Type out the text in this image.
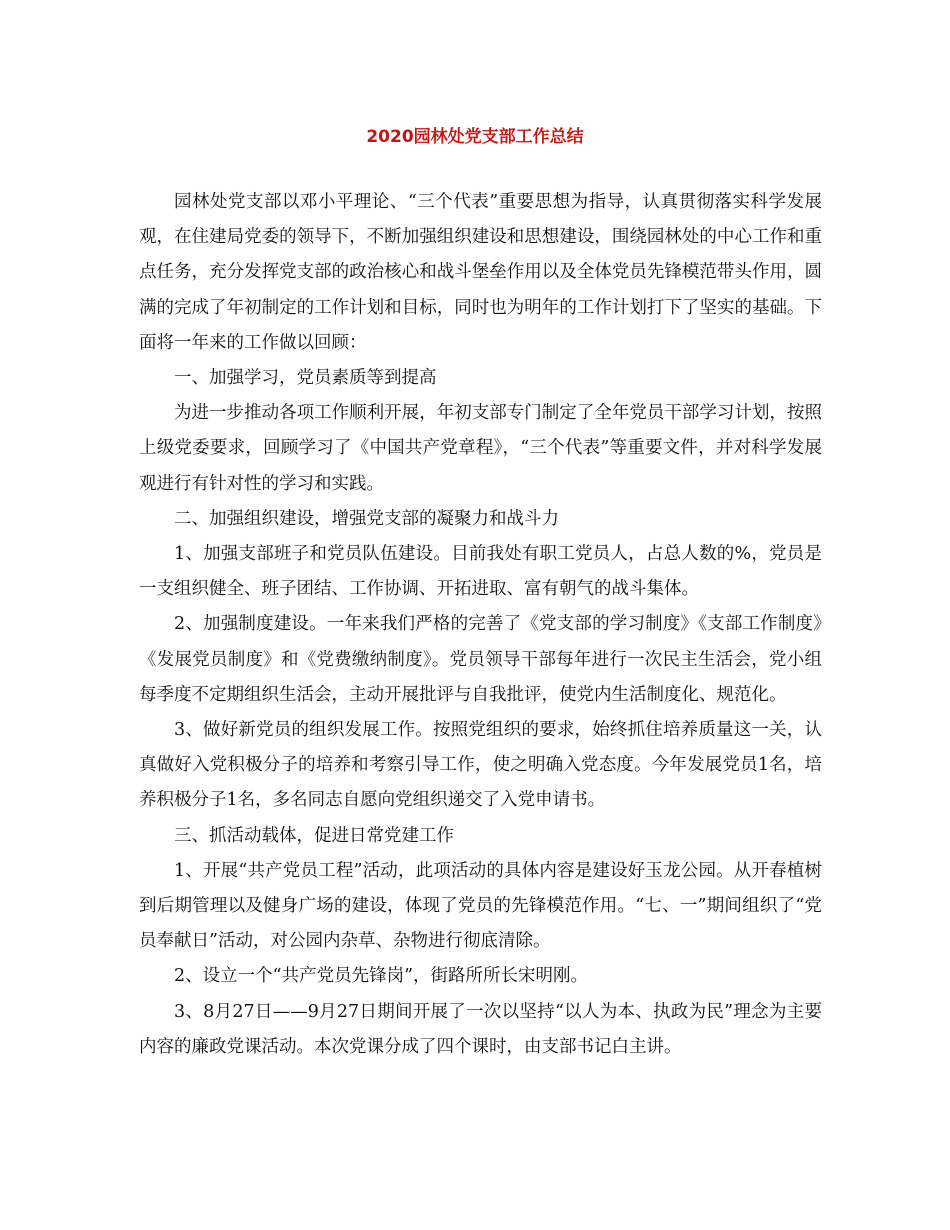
2020园林处党支部工作总结

园林处党支部以邓小平理论、“三个代表”重要思想为指导，认真贯彻落实科学发展观，在住建局党委的领导下，不断加强组织建设和思想建设，围绕园林处的中心工作和重点任务，充分发挥党支部的政治核心和战斗堡垒作用以及全体党员先锋模范带头作用，圆满的完成了年初制定的工作计划和目标，同时也为明年的工作计划打下了坚实的基础。下面将一年来的工作做以回顾：

一、加强学习，党员素质等到提高

为进一步推动各项工作顺利开展，年初支部专门制定了全年党员干部学习计划，按照上级党委要求，回顾学习了《中国共产党章程》，“三个代表”等重要文件，并对科学发展观进行有针对性的学习和实践。

二、加强组织建设，增强党支部的凝聚力和战斗力

1、加强支部班子和党员队伍建设。目前我处有职工党员人，占总人数的%，党员是一支组织健全、班子团结、工作协调、开拓进取、富有朝气的战斗集体。

2、加强制度建设。一年来我们严格的完善了《党支部的学习制度》《支部工作制度》《发展党员制度》和《党费缴纳制度》。党员领导干部每年进行一次民主生活会，党小组每季度不定期组织生活会，主动开展批评与自我批评，使党内生活制度化、规范化。

3、做好新党员的组织发展工作。按照党组织的要求，始终抓住培养质量这一关，认真做好入党积极分子的培养和考察引导工作，使之明确入党态度。今年发展党员1名，培养积极分子1名，多名同志自愿向党组织递交了入党申请书。

三、抓活动载体，促进日常党建工作

1、开展“共产党员工程”活动，此项活动的具体内容是建设好玉龙公园。从开春植树到后期管理以及健身广场的建设，体现了党员的先锋模范作用。“七、一”期间组织了“党员奉献日”活动，对公园内杂草、杂物进行彻底清除。

2、设立一个“共产党员先锋岗”，街路所所长宋明刚。

3、8月27日——9月27日期间开展了一次以坚持“以人为本、执政为民”理念为主要内容的廉政党课活动。本次党课分成了四个课时，由支部书记白主讲。
